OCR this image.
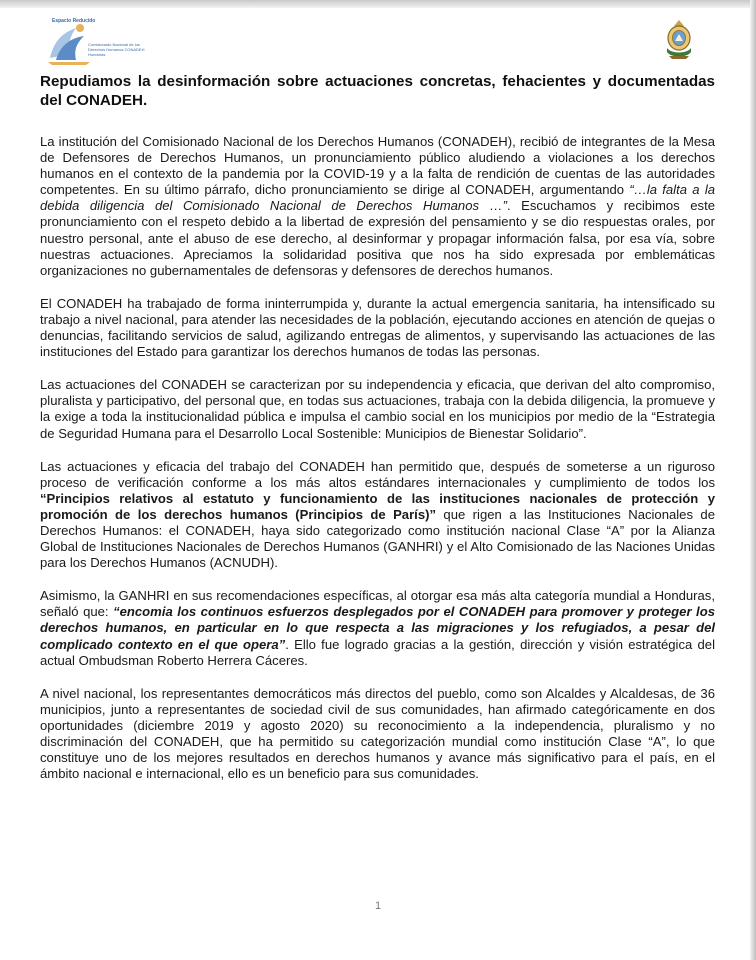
Espacio Reducido
Comisionado Nacional de los Derechos Humanos CONADEH Honduras
Repudiamos la desinformación sobre actuaciones concretas, fehacientes y documentadas del CONADEH.

La institución del Comisionado Nacional de los Derechos Humanos (CONADEH), recibió de integrantes de la Mesa de Defensores de Derechos Humanos, un pronunciamiento público aludiendo a violaciones a los derechos humanos en el contexto de la pandemia por la COVID-19 y a la falta de rendición de cuentas de las autoridades competentes. En su último párrafo, dicho pronunciamiento se dirige al CONADEH, argumentando “…la falta a la debida diligencia del Comisionado Nacional de Derechos Humanos …”. Escuchamos y recibimos este pronunciamiento con el respeto debido a la libertad de expresión del pensamiento y se dio respuestas orales, por nuestro personal, ante el abuso de ese derecho, al desinformar y propagar información falsa, por esa vía, sobre nuestras actuaciones. Apreciamos la solidaridad positiva que nos ha sido expresada por emblemáticas organizaciones no gubernamentales de defensoras y defensores de derechos humanos.

El CONADEH ha trabajado de forma ininterrumpida y, durante la actual emergencia sanitaria, ha intensificado su trabajo a nivel nacional, para atender las necesidades de la población, ejecutando acciones en atención de quejas o denuncias, facilitando servicios de salud, agilizando entregas de alimentos, y supervisando las actuaciones de las instituciones del Estado para garantizar los derechos humanos de todas las personas.

Las actuaciones del CONADEH se caracterizan por su independencia y eficacia, que derivan del alto compromiso, pluralista y participativo, del personal que, en todas sus actuaciones, trabaja con la debida diligencia, la promueve y la exige a toda la institucionalidad pública e impulsa el cambio social en los municipios por medio de la “Estrategia de Seguridad Humana para el Desarrollo Local Sostenible: Municipios de Bienestar Solidario”.

Las actuaciones y eficacia del trabajo del CONADEH han permitido que, después de someterse a un riguroso proceso de verificación conforme a los más altos estándares internacionales y cumplimiento de todos los “Principios relativos al estatuto y funcionamiento de las instituciones nacionales de protección y promoción de los derechos humanos (Principios de París)” que rigen a las Instituciones Nacionales de Derechos Humanos: el CONADEH, haya sido categorizado como institución nacional Clase “A” por la Alianza Global de Instituciones Nacionales de Derechos Humanos (GANHRI) y el Alto Comisionado de las Naciones Unidas para los Derechos Humanos (ACNUDH).

Asimismo, la GANHRI en sus recomendaciones específicas, al otorgar esa más alta categoría mundial a Honduras, señaló que: “encomia los continuos esfuerzos desplegados por el CONADEH para promover y proteger los derechos humanos, en particular en lo que respecta a las migraciones y los refugiados, a pesar del complicado contexto en el que opera”. Ello fue logrado gracias a la gestión, dirección y visión estratégica del actual Ombudsman Roberto Herrera Cáceres.

A nivel nacional, los representantes democráticos más directos del pueblo, como son Alcaldes y Alcaldesas, de 36 municipios, junto a representantes de sociedad civil de sus comunidades, han afirmado categóricamente en dos oportunidades (diciembre 2019 y agosto 2020) su reconocimiento a la independencia, pluralismo y no discriminación del CONADEH, que ha permitido su categorización mundial como institución Clase “A”, lo que constituye uno de los mejores resultados en derechos humanos y avance más significativo para el país, en el ámbito nacional e internacional, ello es un beneficio para sus comunidades.

1
